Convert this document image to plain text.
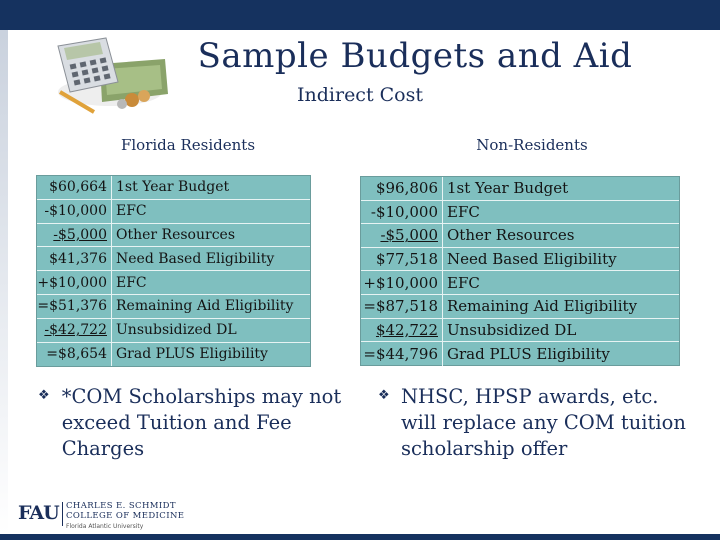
Sample Budgets and Aid
Indirect Cost
Florida Residents	Non-Residents
$60,664 1st Year Budget
-$10,000 EFC
-$5,000 Other Resources
$41,376 Need Based Eligibility
+$10,000 EFC
=$51,376 Remaining Aid Eligibility
-$42,722 Unsubsidized DL
=$8,654 Grad PLUS Eligibility
$96,806 1st Year Budget
-$10,000 EFC
-$5,000 Other Resources
$77,518 Need Based Eligibility
+$10,000 EFC
=$87,518 Remaining Aid Eligibility
$42,722 Unsubsidized DL
=$44,796 Grad PLUS Eligibility
❖ *COM Scholarships may not exceed Tuition and Fee Charges
❖ NHSC, HPSP awards, etc. will replace any COM tuition scholarship offer
FAU CHARLES E. SCHMIDT
COLLEGE OF MEDICINE
Florida Atlantic University
